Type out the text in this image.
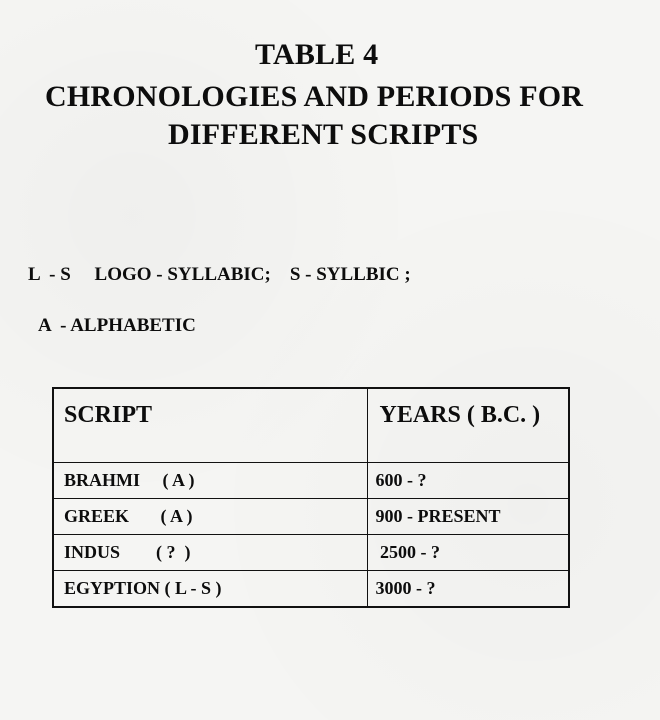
TABLE 4
CHRONOLOGIES AND PERIODS FOR
DIFFERENT SCRIPTS
L  - S     LOGO - SYLLABIC;    S - SYLLBIC ;
A  - ALPHABETIC
SCRIPT	YEARS ( B.C. )
BRAHMI     ( A )	600 - ?
GREEK       ( A )	900 - PRESENT
INDUS        ( ?  )	2500 - ?
EGYPTION ( L - S )	3000 - ?
